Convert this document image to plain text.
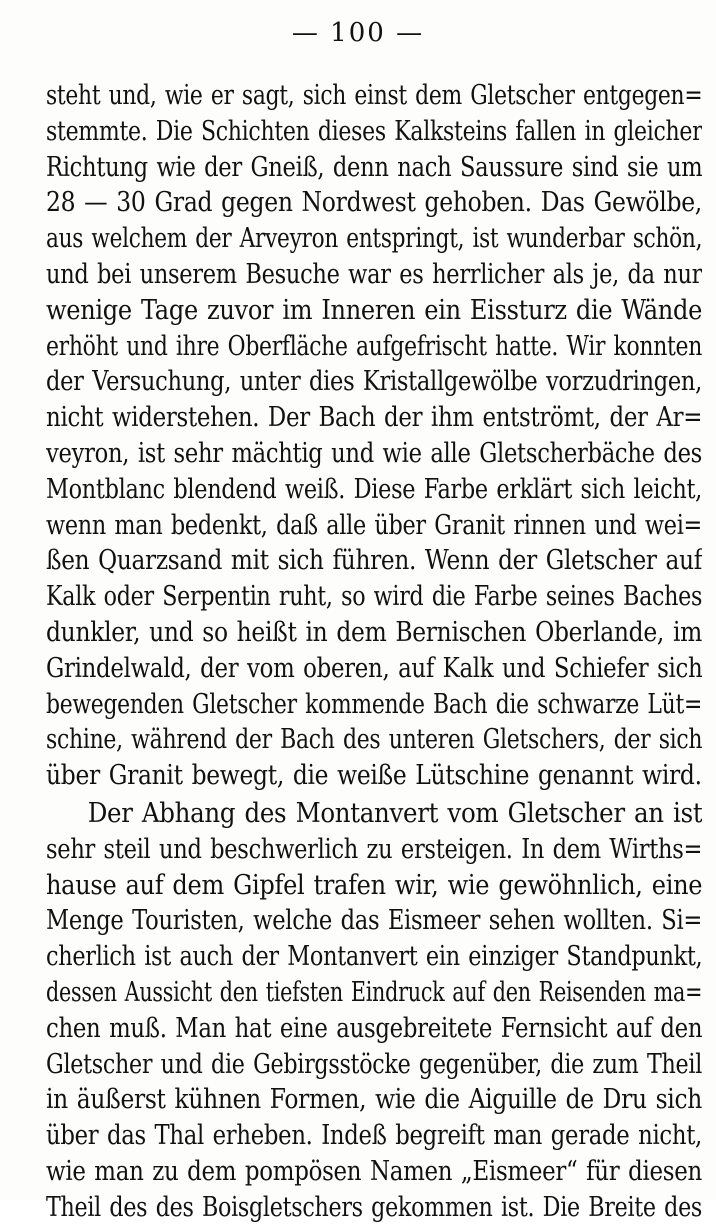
— 100 —
steht und, wie er sagt, sich einst dem Gletscher entgegen=
stemmte. Die Schichten dieses Kalksteins fallen in gleicher
Richtung wie der Gneiß, denn nach Saussure sind sie um
28 — 30 Grad gegen Nordwest gehoben. Das Gewölbe,
aus welchem der Arveyron entspringt, ist wunderbar schön,
und bei unserem Besuche war es herrlicher als je, da nur
wenige Tage zuvor im Inneren ein Eissturz die Wände
erhöht und ihre Oberfläche aufgefrischt hatte. Wir konnten
der Versuchung, unter dies Kristallgewölbe vorzudringen,
nicht widerstehen. Der Bach der ihm entströmt, der Ar=
veyron, ist sehr mächtig und wie alle Gletscherbäche des
Montblanc blendend weiß. Diese Farbe erklärt sich leicht,
wenn man bedenkt, daß alle über Granit rinnen und wei=
ßen Quarzsand mit sich führen. Wenn der Gletscher auf
Kalk oder Serpentin ruht, so wird die Farbe seines Baches
dunkler, und so heißt in dem Bernischen Oberlande, im
Grindelwald, der vom oberen, auf Kalk und Schiefer sich
bewegenden Gletscher kommende Bach die schwarze Lüt=
schine, während der Bach des unteren Gletschers, der sich
über Granit bewegt, die weiße Lütschine genannt wird.
Der Abhang des Montanvert vom Gletscher an ist
sehr steil und beschwerlich zu ersteigen. In dem Wirths=
hause auf dem Gipfel trafen wir, wie gewöhnlich, eine
Menge Touristen, welche das Eismeer sehen wollten. Si=
cherlich ist auch der Montanvert ein einziger Standpunkt,
dessen Aussicht den tiefsten Eindruck auf den Reisenden ma=
chen muß. Man hat eine ausgebreitete Fernsicht auf den
Gletscher und die Gebirgsstöcke gegenüber, die zum Theil
in äußerst kühnen Formen, wie die Aiguille de Dru sich
über das Thal erheben. Indeß begreift man gerade nicht,
wie man zu dem pompösen Namen „Eismeer“ für diesen
Theil des des Boisgletschers gekommen ist. Die Breite des
